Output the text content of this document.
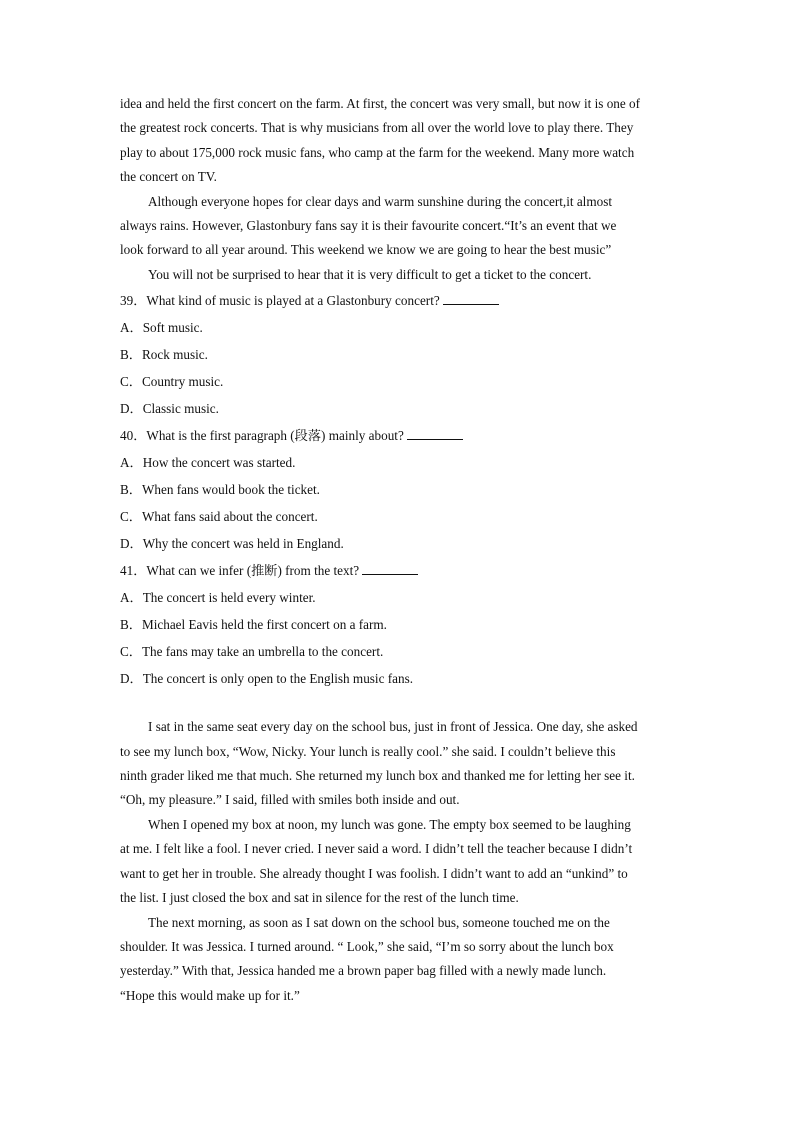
idea and held the first concert on the farm. At first, the concert was very small, but now it is one of
the greatest rock concerts. That is why musicians from all over the world love to play there. They
play to about 175,000 rock music fans, who camp at the farm for the weekend. Many more watch
the concert on TV.
Although everyone hopes for clear days and warm sunshine during the concert,it almost
always rains. However, Glastonbury fans say it is their favourite concert.“It’s an event that we
look forward to all year around. This weekend we know we are going to hear the best music”
You will not be surprised to hear that it is very difficult to get a ticket to the concert.
39．What kind of music is played at a Glastonbury concert?
A．Soft music.
B．Rock music.
C．Country music.
D．Classic music.
40．What is the first paragraph (段落) mainly about?
A．How the concert was started.
B．When fans would book the ticket.
C．What fans said about the concert.
D．Why the concert was held in England.
41．What can we infer (推断) from the text?
A．The concert is held every winter.
B．Michael Eavis held the first concert on a farm.
C．The fans may take an umbrella to the concert.
D．The concert is only open to the English music fans.
I sat in the same seat every day on the school bus, just in front of Jessica. One day, she asked
to see my lunch box, “Wow, Nicky. Your lunch is really cool.” she said. I couldn’t believe this
ninth grader liked me that much. She returned my lunch box and thanked me for letting her see it.
“Oh, my pleasure.” I said, filled with smiles both inside and out.
When I opened my box at noon, my lunch was gone. The empty box seemed to be laughing
at me. I felt like a fool. I never cried. I never said a word. I didn’t tell the teacher because I didn’t
want to get her in trouble. She already thought I was foolish. I didn’t want to add an “unkind” to
the list. I just closed the box and sat in silence for the rest of the lunch time.
The next morning, as soon as I sat down on the school bus, someone touched me on the
shoulder. It was Jessica. I turned around. “ Look,” she said, “I’m so sorry about the lunch box
yesterday.” With that, Jessica handed me a brown paper bag filled with a newly made lunch.
“Hope this would make up for it.”
